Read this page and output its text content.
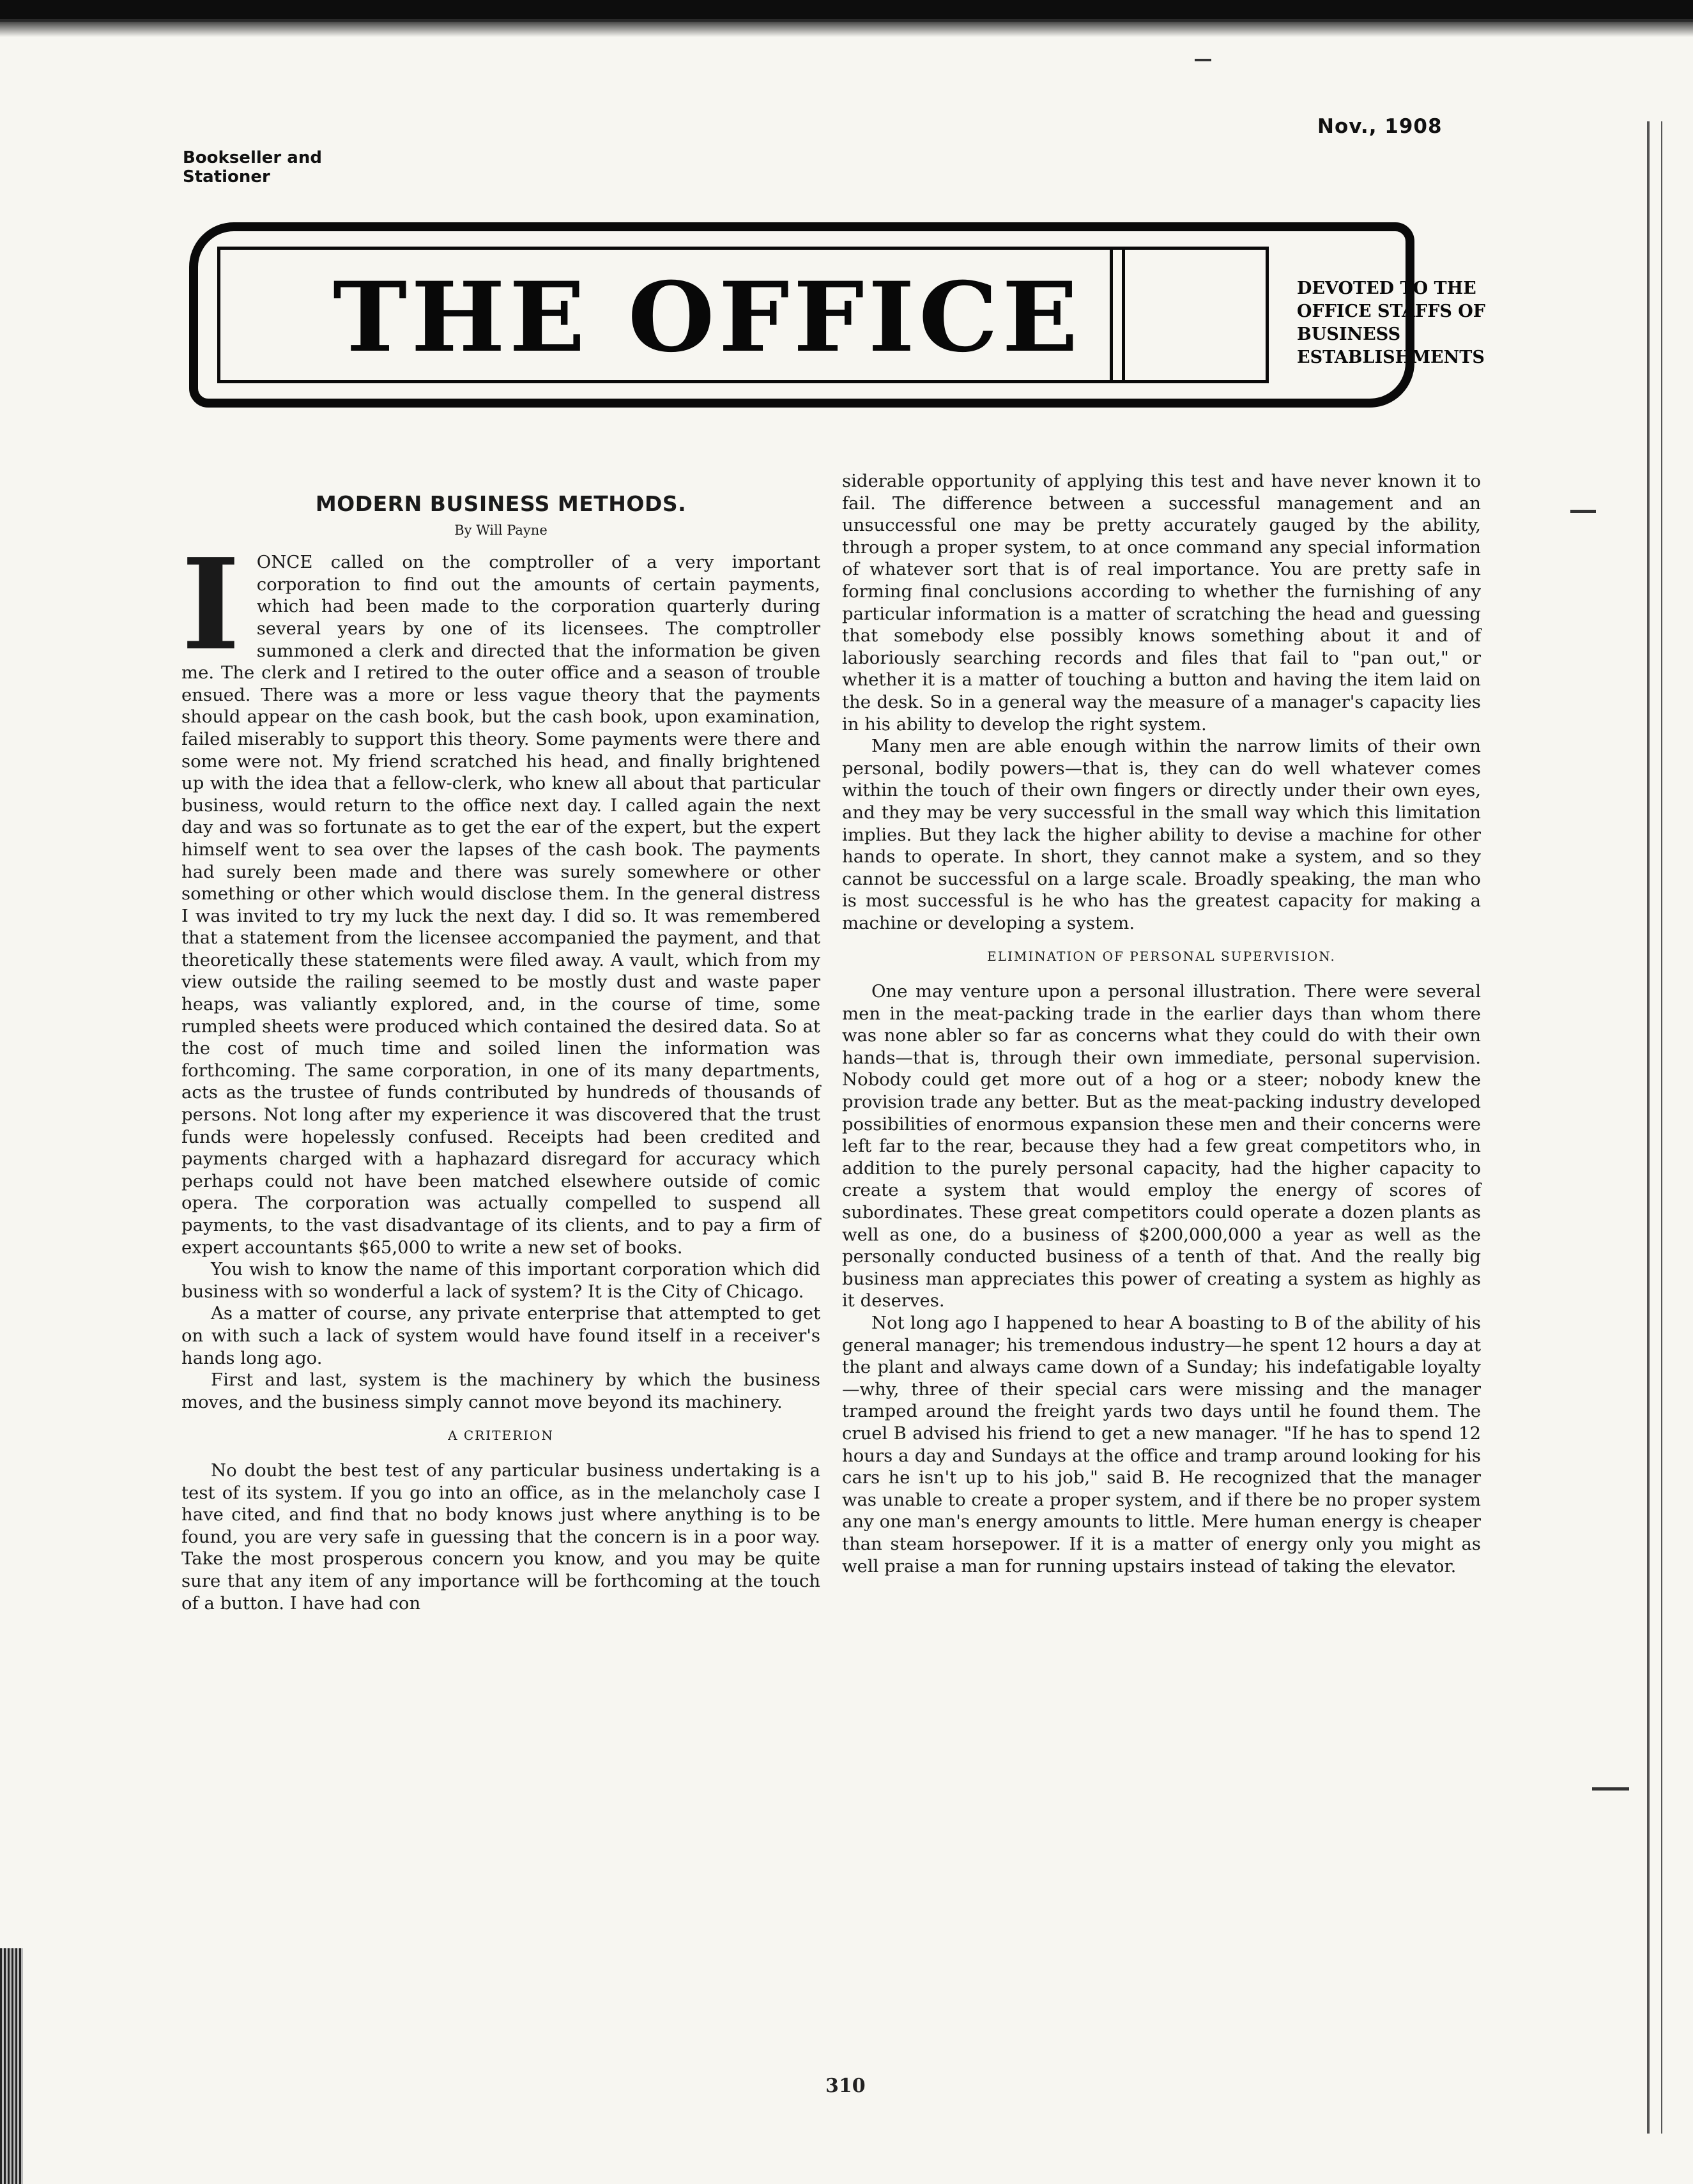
Bookseller and Stationer
Nov., 1908
THE OFFICE	DEVOTED TO THE OFFICE STAFFS OF BUSINESS ESTABLISHMENTS
MODERN BUSINESS METHODS.
By Will Payne

IONCE called on the comptroller of a very important corporation to find out the amounts of certain payments, which had been made to the corporation quarterly during several years by one of its licensees. The comptroller summoned a clerk and directed that the information be given me. The clerk and I retired to the outer office and a season of trouble ensued. There was a more or less vague theory that the payments should appear on the cash book, but the cash book, upon examination, failed miserably to support this theory. Some payments were there and some were not. My friend scratched his head, and finally brightened up with the idea that a fellow-clerk, who knew all about that particular business, would return to the office next day. I called again the next day and was so fortunate as to get the ear of the expert, but the expert himself went to sea over the lapses of the cash book. The payments had surely been made and there was surely somewhere or other something or other which would disclose them. In the general distress I was invited to try my luck the next day. I did so. It was remembered that a statement from the licensee accompanied the payment, and that theoretically these statements were filed away. A vault, which from my view outside the railing seemed to be mostly dust and waste paper heaps, was valiantly explored, and, in the course of time, some rumpled sheets were produced which contained the desired data. So at the cost of much time and soiled linen the information was forthcoming. The same corporation, in one of its many departments, acts as the trustee of funds contributed by hundreds of thousands of persons. Not long after my experience it was discovered that the trust funds were hopelessly confused. Receipts had been credited and payments charged with a haphazard disregard for accuracy which perhaps could not have been matched elsewhere outside of comic opera. The corporation was actually compelled to suspend all payments, to the vast disadvantage of its clients, and to pay a firm of expert accountants $65,000 to write a new set of books.

You wish to know the name of this important corporation which did business with so wonderful a lack of system? It is the City of Chicago.

As a matter of course, any private enterprise that attempted to get on with such a lack of system would have found itself in a receiver's hands long ago.

First and last, system is the machinery by which the business moves, and the business simply cannot move beyond its machinery.

A CRITERION

No doubt the best test of any particular business undertaking is a test of its system. If you go into an office, as in the melancholy case I have cited, and find that no body knows just where anything is to be found, you are very safe in guessing that the concern is in a poor way. Take the most prosperous concern you know, and you may be quite sure that any item of any importance will be forthcoming at the touch of a button. I have had con

siderable opportunity of applying this test and have never known it to fail. The difference between a successful management and an unsuccessful one may be pretty accurately gauged by the ability, through a proper system, to at once command any special information of whatever sort that is of real importance. You are pretty safe in forming final conclusions according to whether the furnishing of any particular information is a matter of scratching the head and guessing that somebody else possibly knows something about it and of laboriously searching records and files that fail to "pan out," or whether it is a matter of touching a button and having the item laid on the desk. So in a general way the measure of a manager's capacity lies in his ability to develop the right system.

Many men are able enough within the narrow limits of their own personal, bodily powers—that is, they can do well whatever comes within the touch of their own fingers or directly under their own eyes, and they may be very successful in the small way which this limitation implies. But they lack the higher ability to devise a machine for other hands to operate. In short, they cannot make a system, and so they cannot be successful on a large scale. Broadly speaking, the man who is most successful is he who has the greatest capacity for making a machine or developing a system.

ELIMINATION OF PERSONAL SUPERVISION.

One may venture upon a personal illustration. There were several men in the meat-packing trade in the earlier days than whom there was none abler so far as concerns what they could do with their own hands—that is, through their own immediate, personal supervision. Nobody could get more out of a hog or a steer; nobody knew the provision trade any better. But as the meat-packing industry developed possibilities of enormous expansion these men and their concerns were left far to the rear, because they had a few great competitors who, in addition to the purely personal capacity, had the higher capacity to create a system that would employ the energy of scores of subordinates. These great competitors could operate a dozen plants as well as one, do a business of $200,000,000 a year as well as the personally conducted business of a tenth of that. And the really big business man appreciates this power of creating a system as highly as it deserves.

Not long ago I happened to hear A boasting to B of the ability of his general manager; his tremendous industry—he spent 12 hours a day at the plant and always came down of a Sunday; his indefatigable loyalty—why, three of their special cars were missing and the manager tramped around the freight yards two days until he found them. The cruel B advised his friend to get a new manager. "If he has to spend 12 hours a day and Sundays at the office and tramp around looking for his cars he isn't up to his job," said B. He recognized that the manager was unable to create a proper system, and if there be no proper system any one man's energy amounts to little. Mere human energy is cheaper than steam horsepower. If it is a matter of energy only you might as well praise a man for running upstairs instead of taking the elevator.

310
